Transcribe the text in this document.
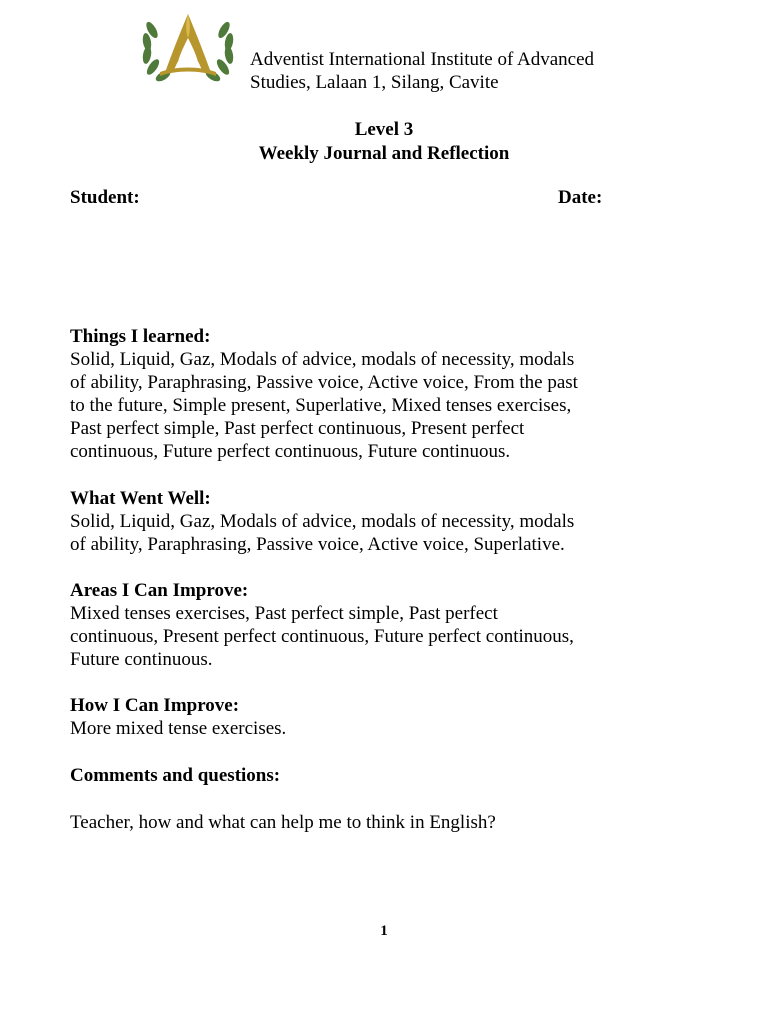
Adventist International Institute of Advanced
Studies, Lalaan 1, Silang, Cavite
Level 3
Weekly Journal and Reflection
Student:	Date:
Things I learned:

Solid, Liquid, Gaz, Modals of advice, modals of necessity, modals

of ability, Paraphrasing, Passive voice, Active voice, From the past

to the future, Simple present, Superlative, Mixed tenses exercises,

Past perfect simple, Past perfect continuous, Present perfect

continuous, Future perfect continuous, Future continuous.

What Went Well:

Solid, Liquid, Gaz, Modals of advice, modals of necessity, modals

of ability, Paraphrasing, Passive voice, Active voice, Superlative.

Areas I Can Improve:

Mixed tenses exercises, Past perfect simple, Past perfect

continuous, Present perfect continuous, Future perfect continuous,

Future continuous.

How I Can Improve:

More mixed tense exercises.

Comments and questions:
Teacher, how and what can help me to think in English?
1
